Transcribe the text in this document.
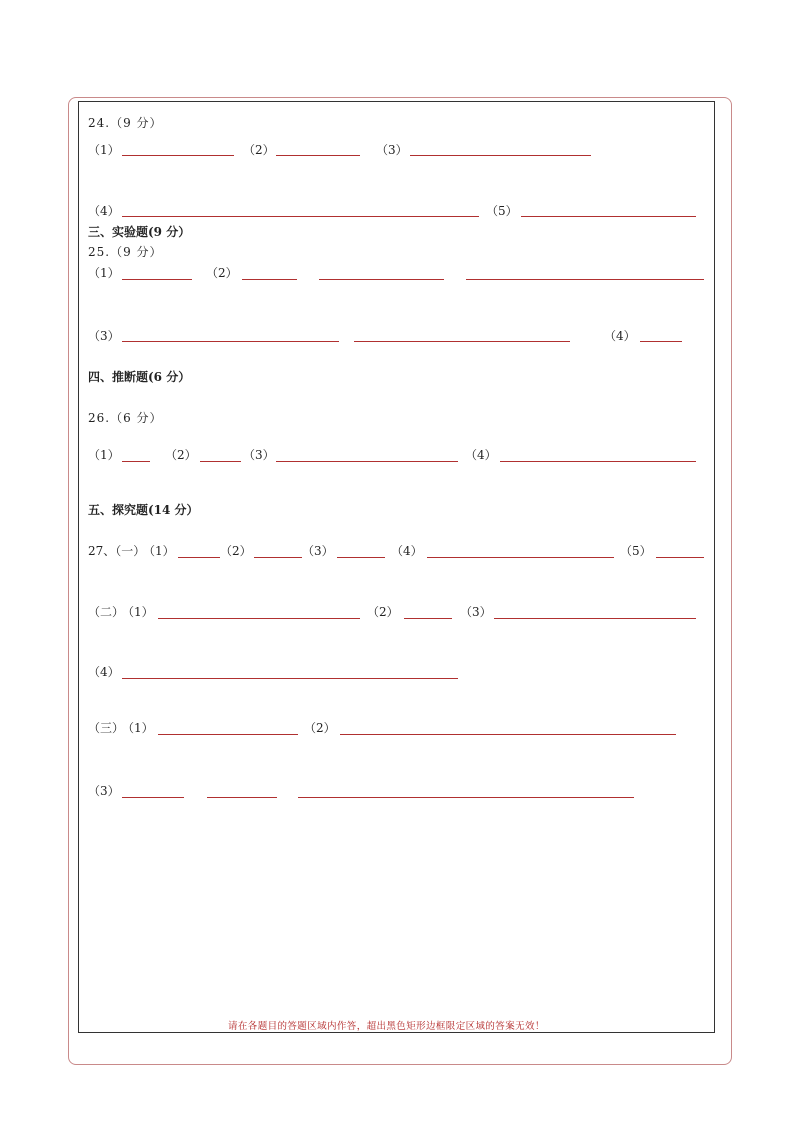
24.（9 分）
（1）	（2）	（3）
（4）	（5）
三、实验题(9 分）
25.（9 分）
（1）	（2）
（3）	（4）
四、推断题(6 分）
26.（6 分）
（1）	（2）	（3）	（4）
五、探究题(14 分）
27、（一）
（1）	（2）	（3）	（4）	（5）
（二）
（1）	（2）	（3）
（4）
（三）
（1）	（2）
（3）
请在各题目的答题区域内作答，超出黑色矩形边框限定区域的答案无效！
